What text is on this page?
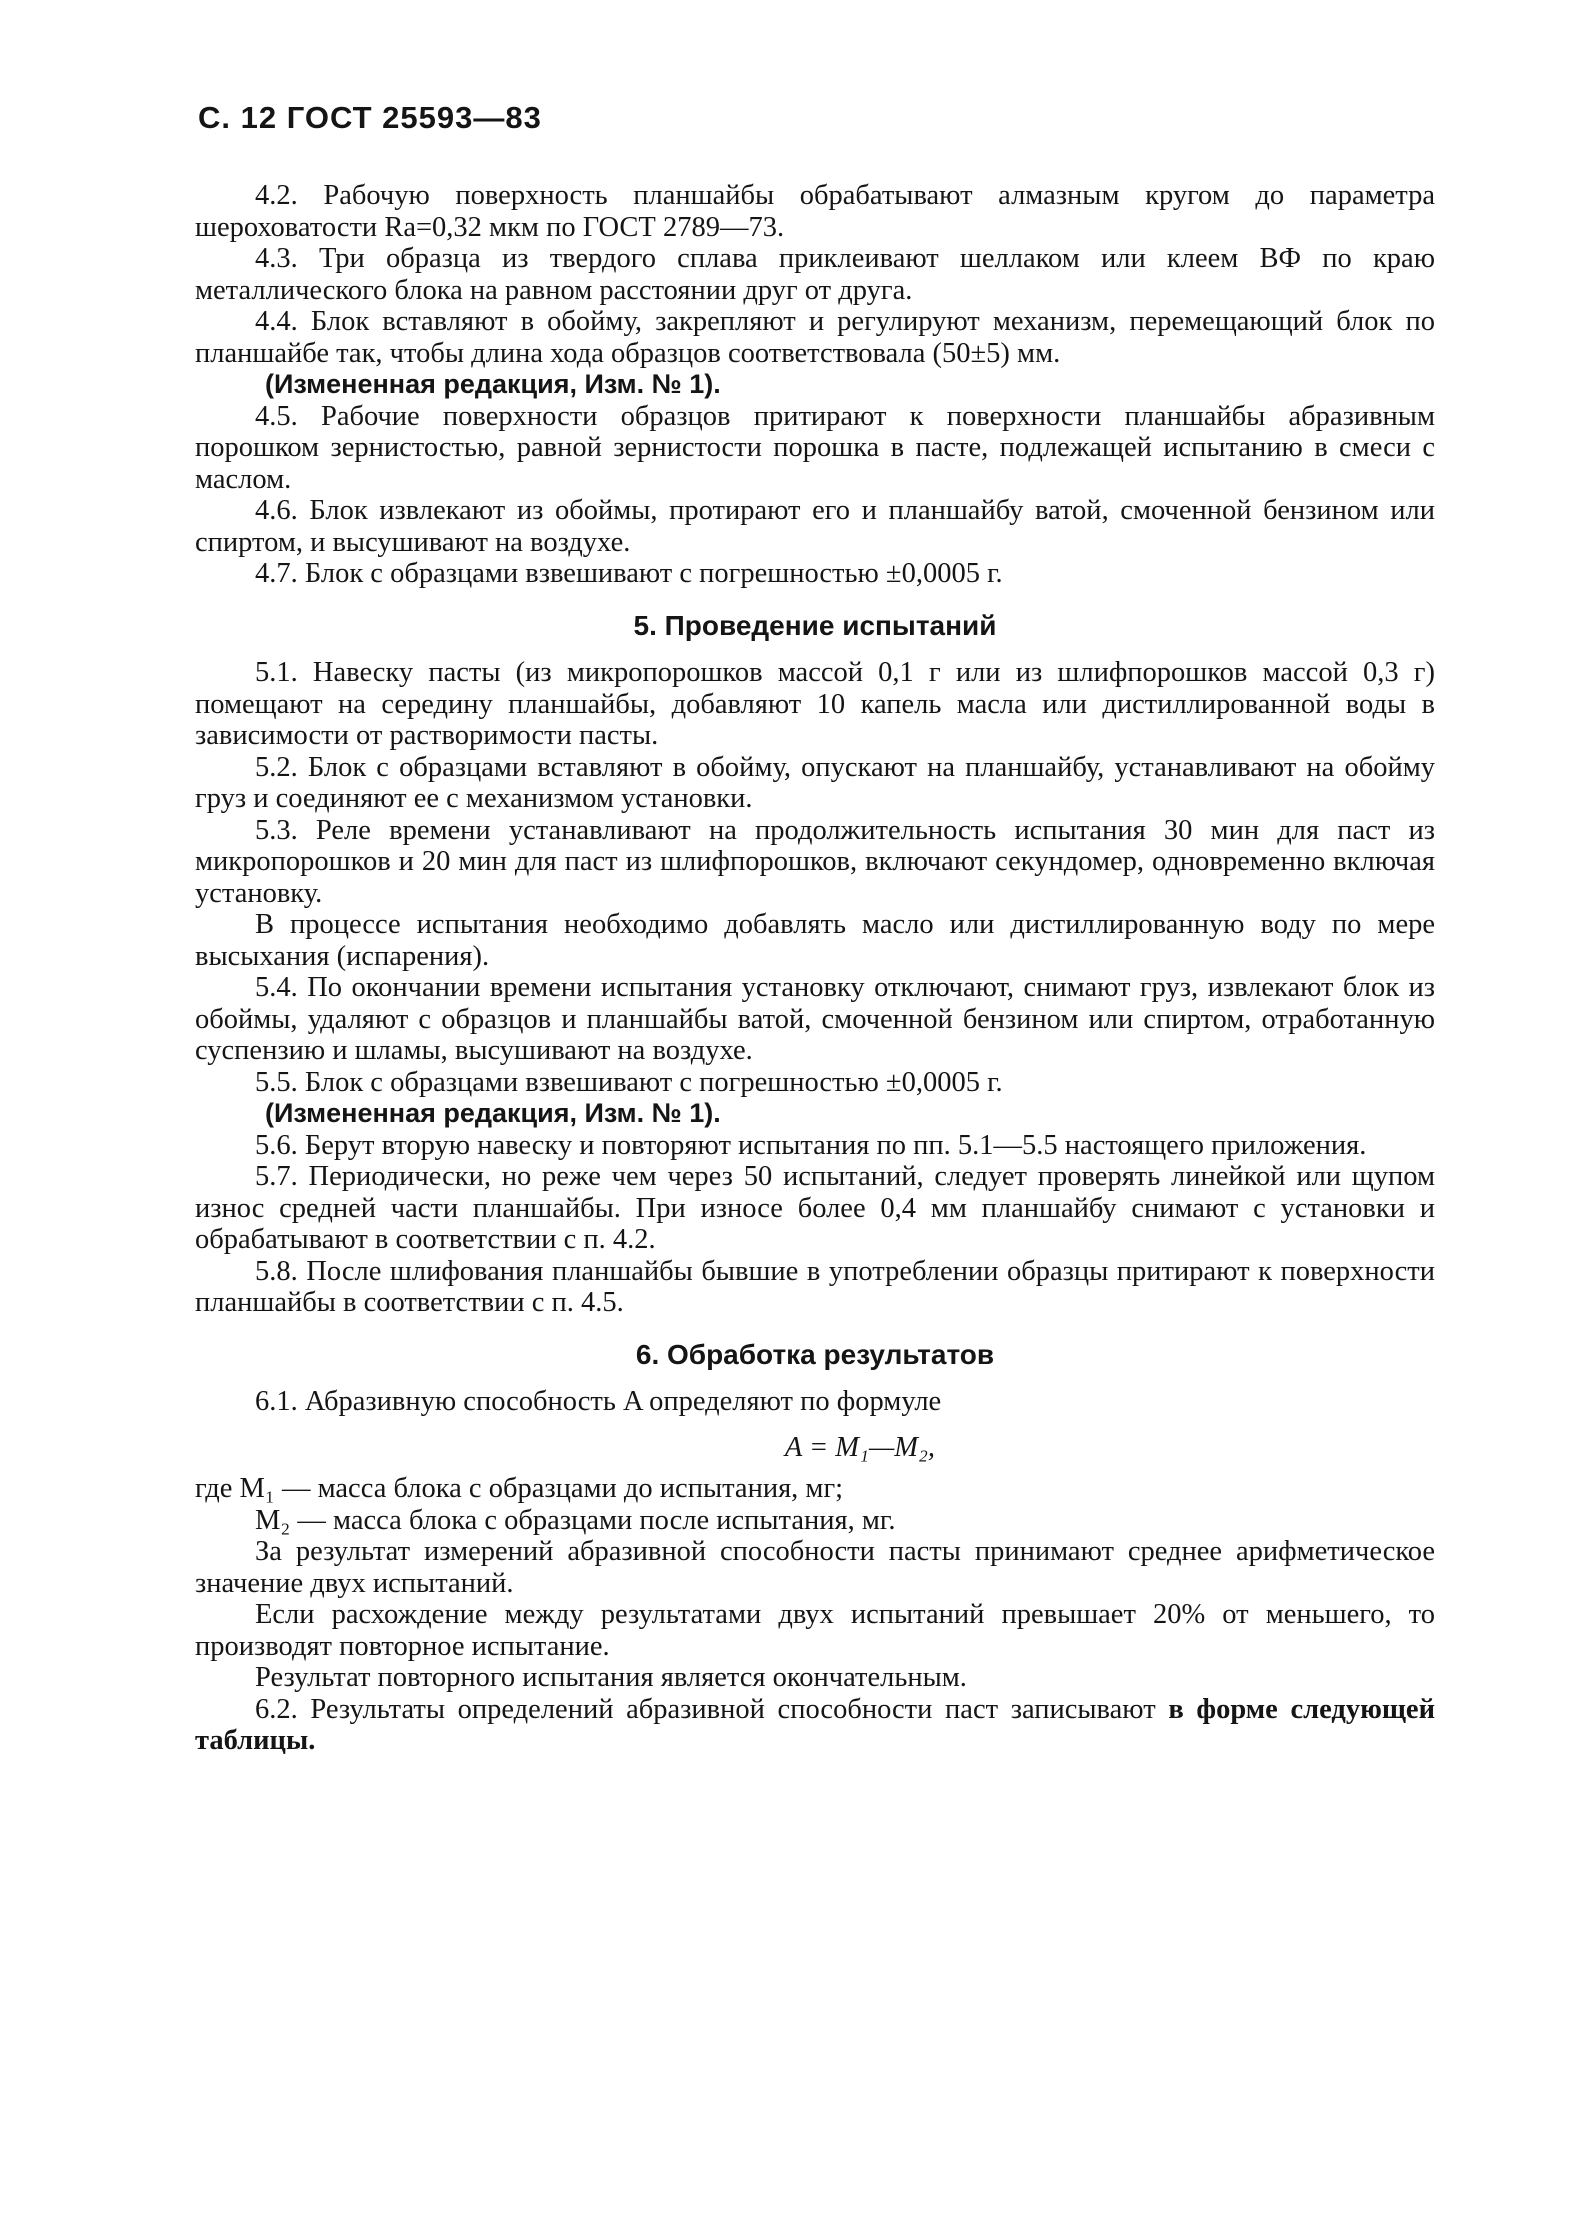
С. 12 ГОСТ 25593—83

4.2. Рабочую поверхность планшайбы обрабатывают алмазным кругом до параметра шероховатости Ra=0,32 мкм по ГОСТ 2789—73.

4.3. Три образца из твердого сплава приклеивают шеллаком или клеем ВФ по краю металлического блока на равном расстоянии друг от друга.

4.4. Блок вставляют в обойму, закрепляют и регулируют механизм, перемещающий блок по планшайбе так, чтобы длина хода образцов соответствовала (50±5) мм.

(Измененная редакция, Изм. № 1).

4.5. Рабочие поверхности образцов притирают к поверхности планшайбы абразивным порошком зернистостью, равной зернистости порошка в пасте, подлежащей испытанию в смеси с маслом.

4.6. Блок извлекают из обоймы, протирают его и планшайбу ватой, смоченной бензином или спиртом, и высушивают на воздухе.

4.7. Блок с образцами взвешивают с погрешностью ±0,0005 г.

5. Проведение испытаний

5.1. Навеску пасты (из микропорошков массой 0,1 г или из шлифпорошков массой 0,3 г) помещают на середину планшайбы, добавляют 10 капель масла или дистиллированной воды в зависимости от растворимости пасты.

5.2. Блок с образцами вставляют в обойму, опускают на планшайбу, устанавливают на обойму груз и соединяют ее с механизмом установки.

5.3. Реле времени устанавливают на продолжительность испытания 30 мин для паст из микропорошков и 20 мин для паст из шлифпорошков, включают секундомер, одновременно включая установку.

В процессе испытания необходимо добавлять масло или дистиллированную воду по мере высыхания (испарения).

5.4. По окончании времени испытания установку отключают, снимают груз, извлекают блок из обоймы, удаляют с образцов и планшайбы ватой, смоченной бензином или спиртом, отработанную суспензию и шламы, высушивают на воздухе.

5.5. Блок с образцами взвешивают с погрешностью ±0,0005 г.

(Измененная редакция, Изм. № 1).

5.6. Берут вторую навеску и повторяют испытания по пп. 5.1—5.5 настоящего приложения.

5.7. Периодически, но реже чем через 50 испытаний, следует проверять линейкой или щупом износ средней части планшайбы. При износе более 0,4 мм планшайбу снимают с установки и обрабатывают в соответствии с п. 4.2.

5.8. После шлифования планшайбы бывшие в употреблении образцы притирают к поверхности планшайбы в соответствии с п. 4.5.

6. Обработка результатов

6.1. Абразивную способность A определяют по формуле

A = M₁—M₂,

где M₁ — масса блока с образцами до испытания, мг;

M₂ — масса блока с образцами после испытания, мг.

За результат измерений абразивной способности пасты принимают среднее арифметическое значение двух испытаний.

Если расхождение между результатами двух испытаний превышает 20% от меньшего, то производят повторное испытание.

Результат повторного испытания является окончательным.

6.2. Результаты определений абразивной способности паст записывают в форме следующей таблицы.
